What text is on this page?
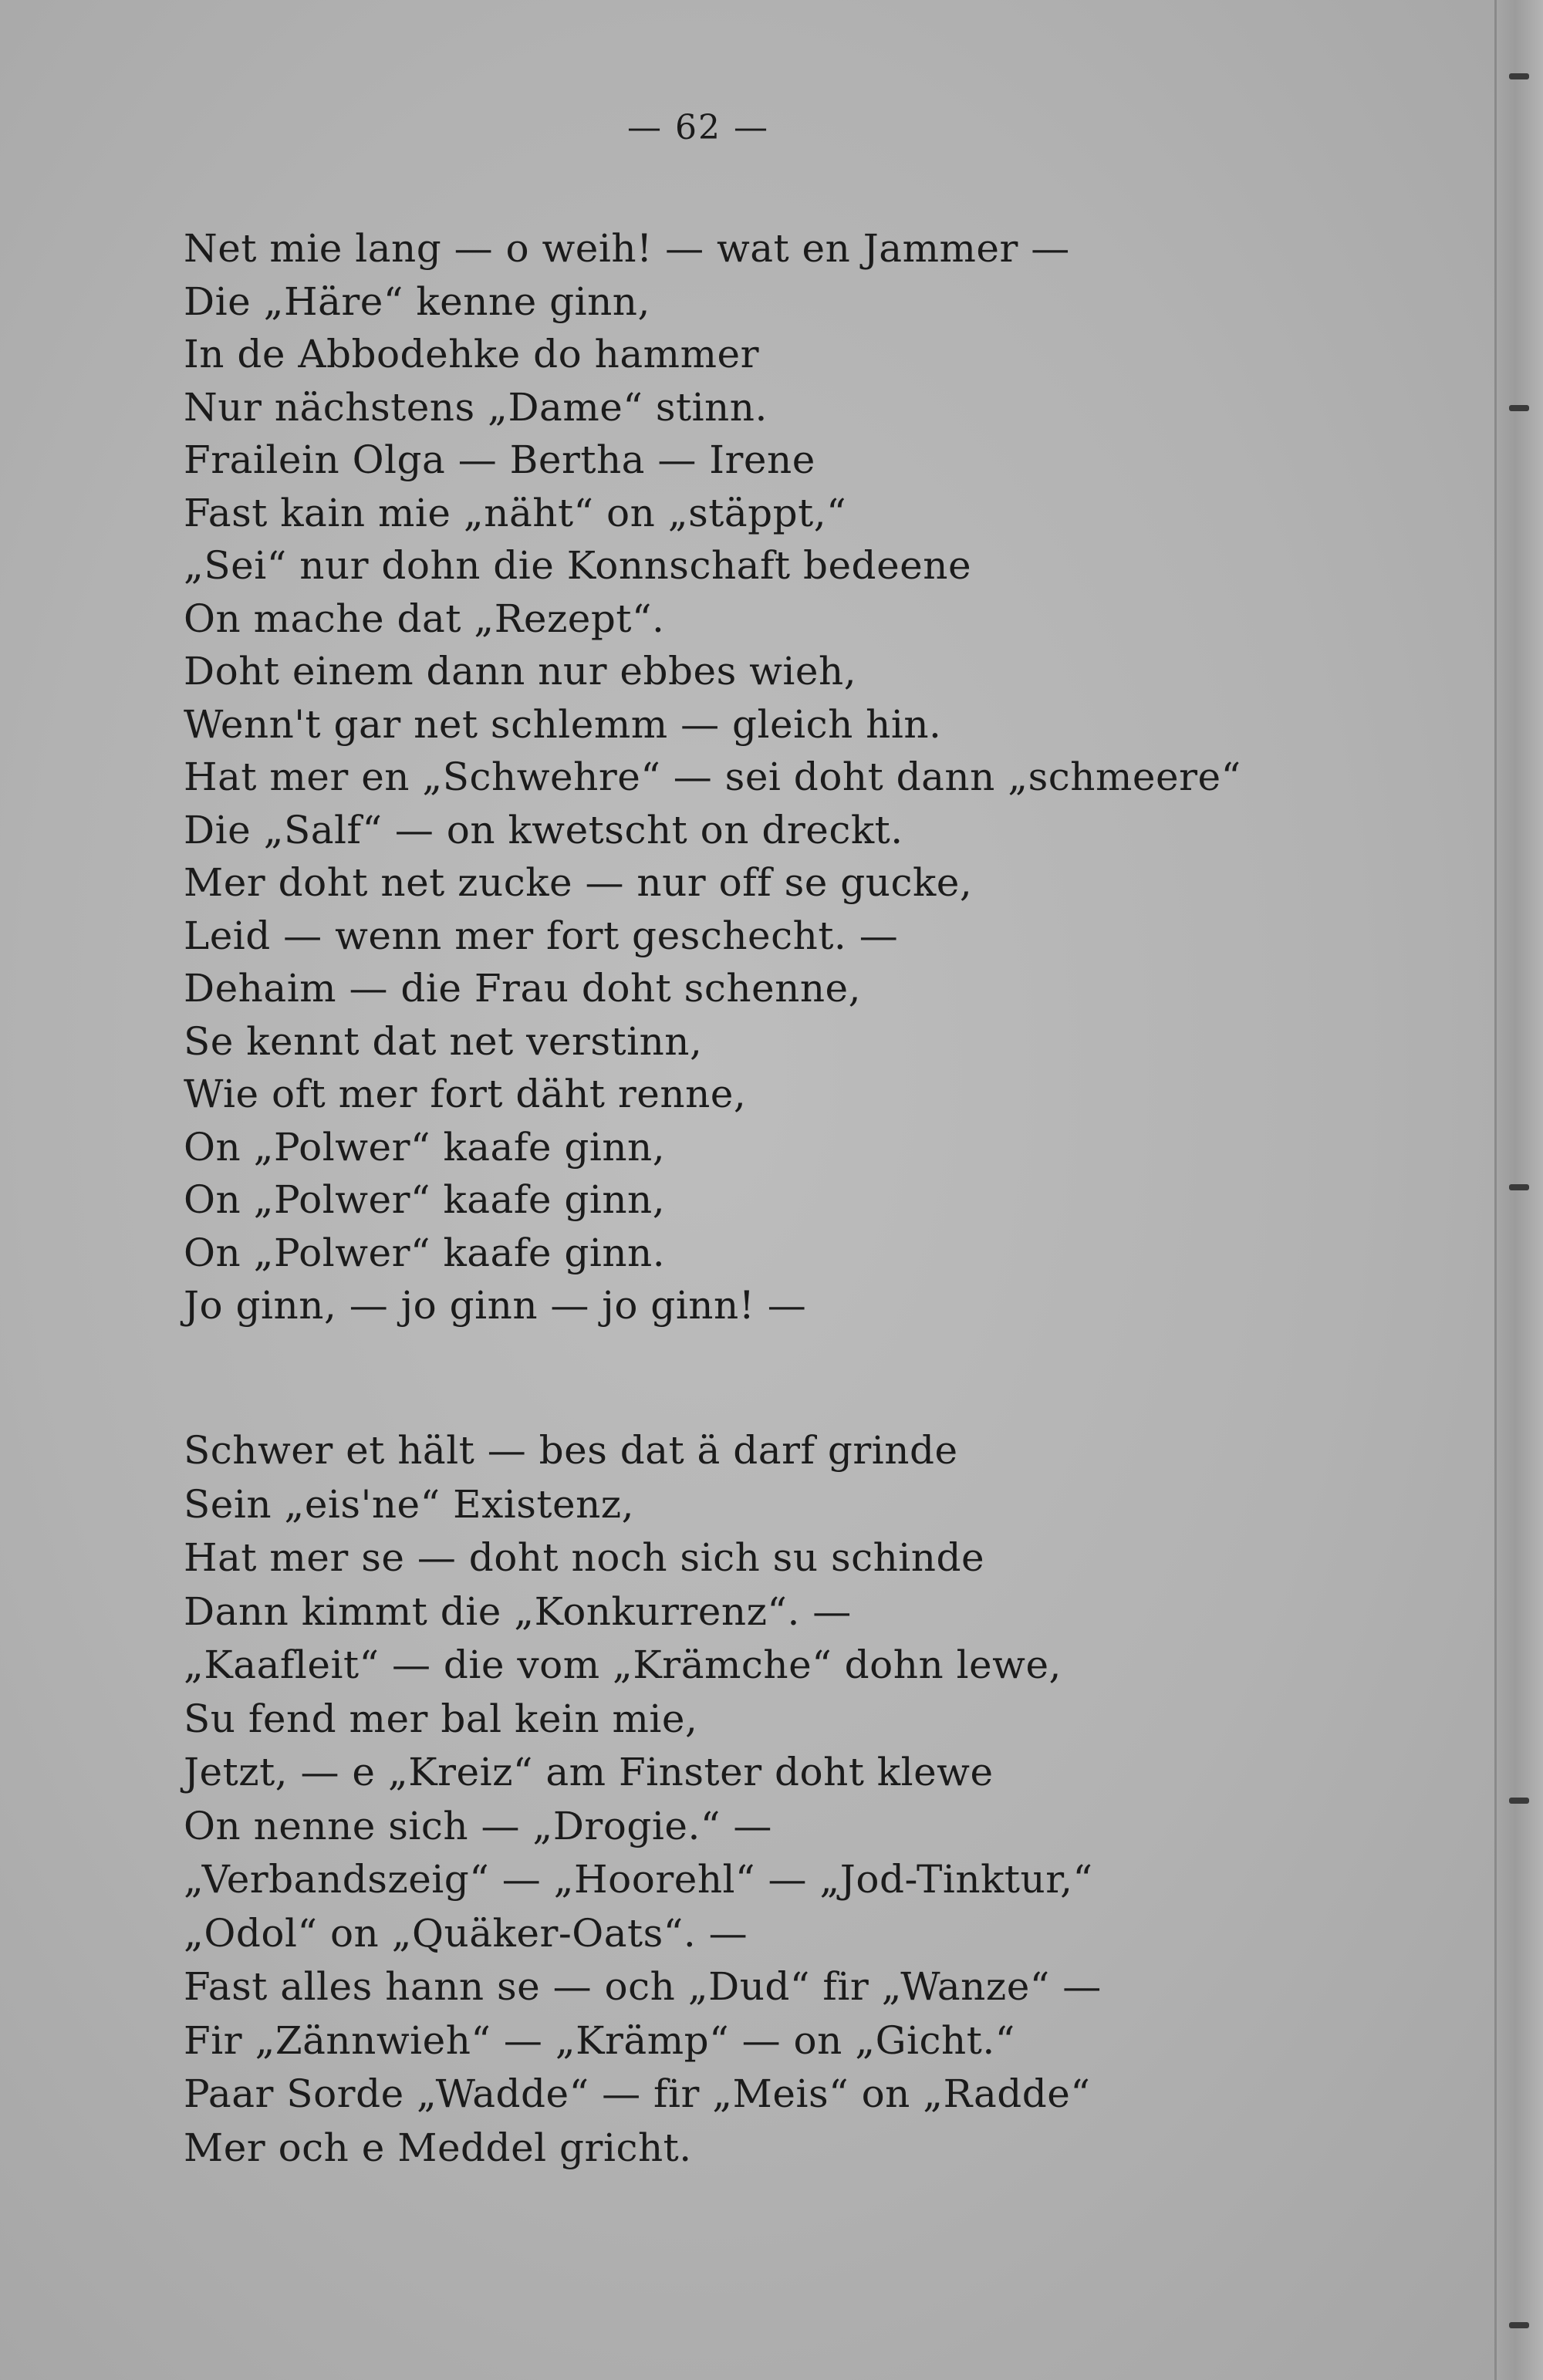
— 62 —
Net mie lang — o weih! — wat en Jammer —
Die „Häre“ kenne ginn,
In de Abbodehke do hammer
Nur nächstens „Dame“ stinn.
Frailein Olga — Bertha — Irene
Fast kain mie „näht“ on „stäppt,“
„Sei“ nur dohn die Konnschaft bedeene
On mache dat „Rezept“.
Doht einem dann nur ebbes wieh,
Wenn't gar net schlemm — gleich hin.
Hat mer en „Schwehre“ — sei doht dann „schmeere“
Die „Salf“ — on kwetscht on dreckt.
Mer doht net zucke — nur off se gucke,
Leid — wenn mer fort geschecht. —
Dehaim — die Frau doht schenne,
Se kennt dat net verstinn,
Wie oft mer fort däht renne,
On „Polwer“ kaafe ginn,
On „Polwer“ kaafe ginn,
On „Polwer“ kaafe ginn.
Jo ginn, — jo ginn — jo ginn! —
Schwer et hält — bes dat ä darf grinde
Sein „eis'ne“ Existenz,
Hat mer se — doht noch sich su schinde
Dann kimmt die „Konkurrenz“. —
„Kaafleit“ — die vom „Krämche“ dohn lewe,
Su fend mer bal kein mie,
Jetzt, — e „Kreiz“ am Finster doht klewe
On nenne sich — „Drogie.“ —
„Verbandszeig“ — „Hoorehl“ — „Jod-Tinktur,“
„Odol“ on „Quäker-Oats“. —
Fast alles hann se — och „Dud“ fir „Wanze“ —
Fir „Zännwieh“ — „Krämp“ — on „Gicht.“
Paar Sorde „Wadde“ — fir „Meis“ on „Radde“
Mer och e Meddel gricht.
